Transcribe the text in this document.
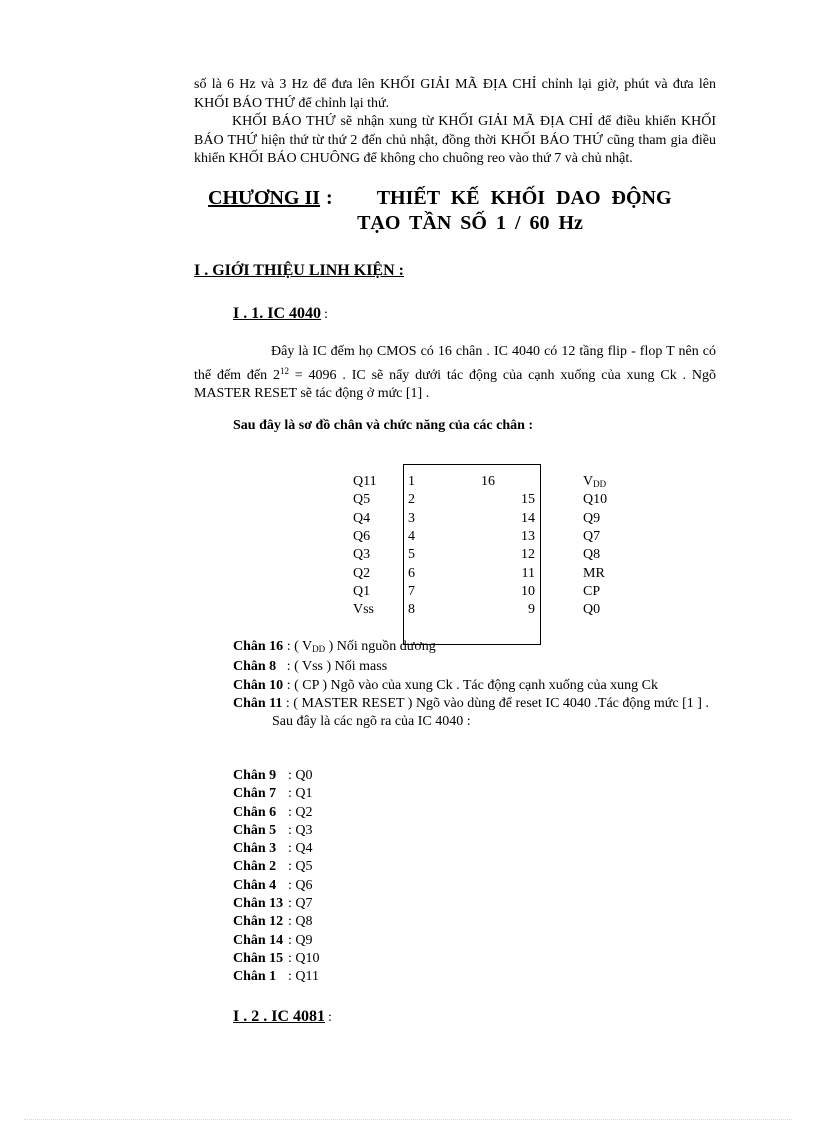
số là 6 Hz và 3 Hz để đưa lên KHỐI GIẢI MÃ ĐỊA CHỈ chỉnh lại giờ, phút và đưa lên KHỐI BÁO THỨ để chỉnh lại thứ.

KHỐI BÁO THỨ sẽ nhận xung từ KHỐI GIẢI MÃ ĐỊA CHỈ để điều khiển KHỐI BÁO THỨ hiện thứ từ thứ 2 đến chủ nhật, đồng thời KHỐI BÁO THỨ cũng tham gia điều khiển KHỐI BÁO CHUÔNG để không cho chuông reo vào thứ 7 và chủ nhật.

CHƯƠNG II : THIẾT KẾ KHỐI DAO ĐỘNG
TẠO TẦN SỐ 1 / 60 Hz
I . GIỚI THIỆU LINH KIỆN :
I . 1. IC 4040 :
Đây là IC đếm họ CMOS có 16 chân . IC 4040 có 12 tầng flip - flop T nên có thể đếm đến $2^{12} = 4096$ . IC sẽ nẩy dưới tác động của cạnh xuống của xung Ck . Ngõ MASTER RESET sẽ tác động ở mức [1] .
Sau đây là sơ đồ chân và chức năng của các chân :
Q11 1	16	$V_{DD}$
Q5	2	15	Q10
Q4	3	14	Q9
Q6	4	13	Q7
Q3	5	12	Q8
Q2	6	11	MR
Q1	7	10	CP
Vss 8	9	Q0
Chân 16 : ( $V_{DD}$ ) Nối nguồn dương
Chân 8 : ( Vss ) Nối mass
Chân 10 : ( CP ) Ngõ vào của xung Ck . Tác động cạnh xuống của xung Ck
Chân 11 : ( MASTER RESET ) Ngõ vào dùng để reset IC 4040 .Tác động mức [1 ] .
Sau đây là các ngõ ra của IC 4040 :
Chân 9 : Q0
Chân 7 : Q1
Chân 6 : Q2
Chân 5 : Q3
Chân 3 : Q4
Chân 2 : Q5
Chân 4 : Q6
Chân 13 : Q7
Chân 12 : Q8
Chân 14 : Q9
Chân 15 : Q10
Chân 1 : Q11
I . 2 . IC 4081 :
